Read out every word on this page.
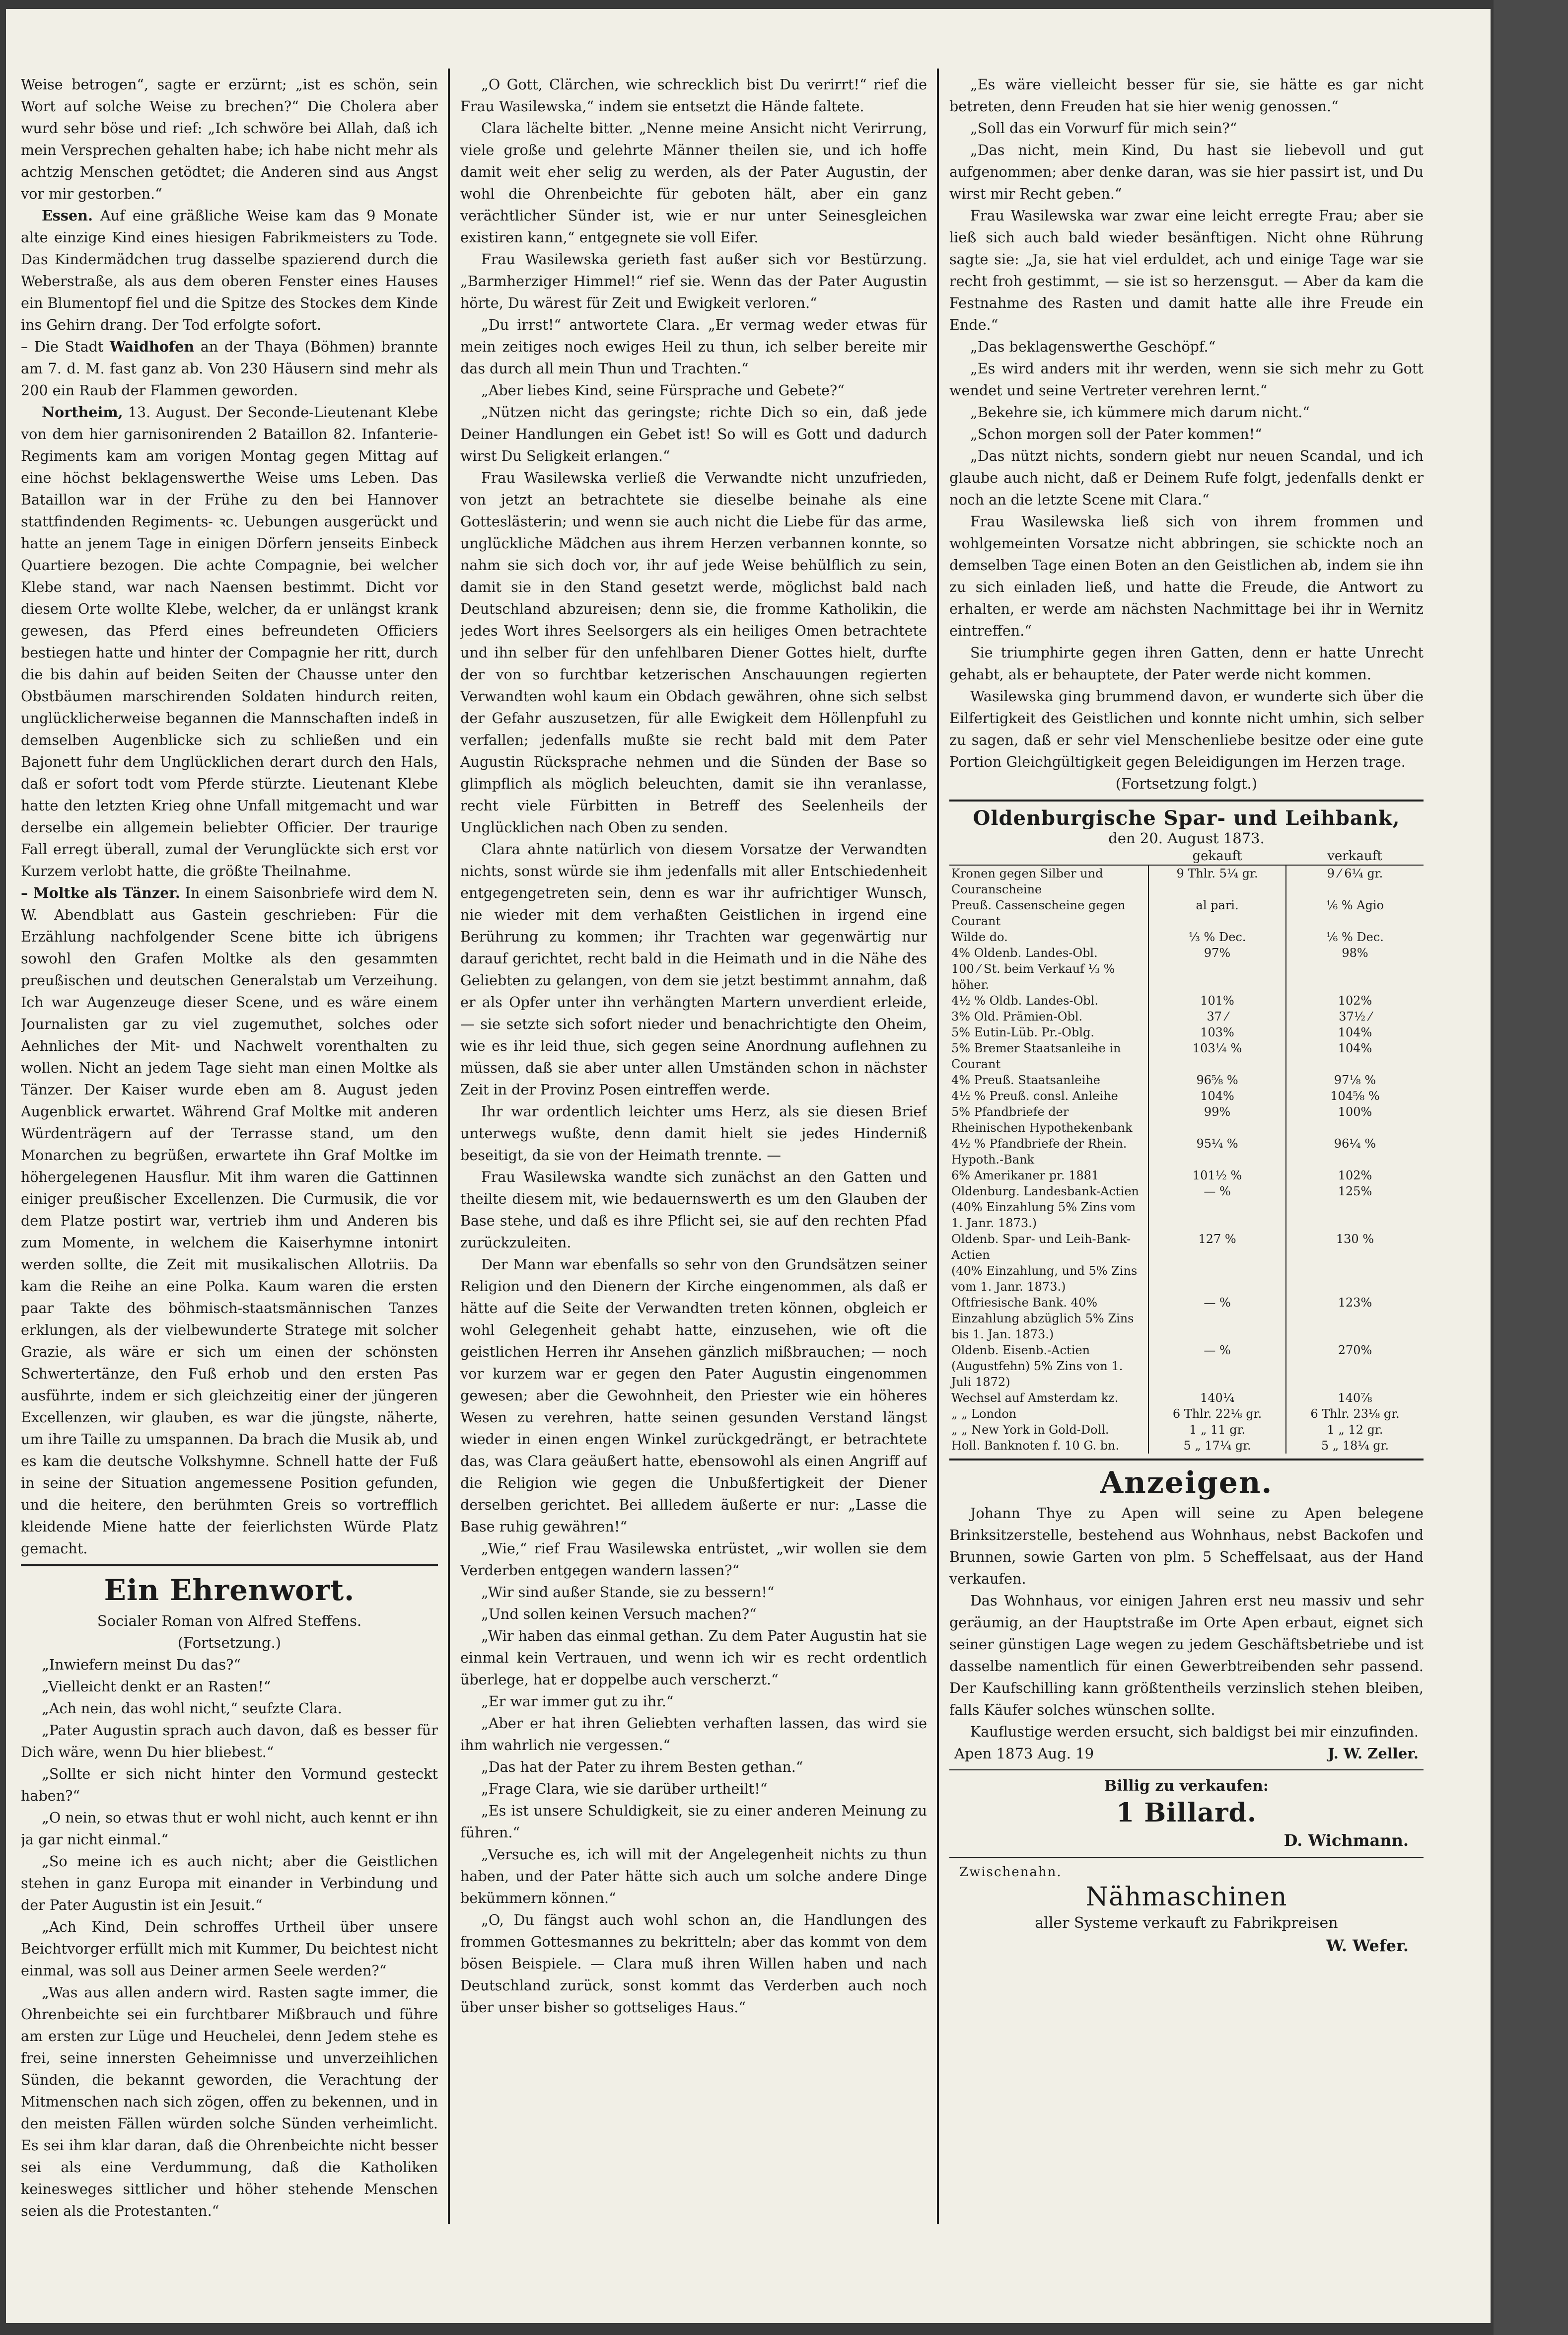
Weise betrogen“, sagte er erzürnt; „ist es schön, sein Wort auf solche Weise zu brechen?“ Die Cholera aber wurd sehr böse und rief: „Ich schwöre bei Allah, daß ich mein Versprechen gehalten habe; ich habe nicht mehr als achtzig Menschen getödtet; die Anderen sind aus Angst vor mir gestorben.“

Essen. Auf eine gräßliche Weise kam das 9 Monate alte einzige Kind eines hiesigen Fabrikmeisters zu Tode. Das Kindermädchen trug dasselbe spazierend durch die Weberstraße, als aus dem oberen Fenster eines Hauses ein Blumentopf fiel und die Spitze des Stockes dem Kinde ins Gehirn drang. Der Tod erfolgte sofort.

– Die Stadt Waidhofen an der Thaya (Böhmen) brannte am 7. d. M. fast ganz ab. Von 230 Häusern sind mehr als 200 ein Raub der Flammen geworden.

Northeim, 13. August. Der Seconde-Lieutenant Klebe von dem hier garnisonirenden 2 Bataillon 82. Infanterie-Regiments kam am vorigen Montag gegen Mittag auf eine höchst beklagenswerthe Weise ums Leben. Das Bataillon war in der Frühe zu den bei Hannover stattfindenden Regiments- ꝛc. Uebungen ausgerückt und hatte an jenem Tage in einigen Dörfern jenseits Einbeck Quartiere bezogen. Die achte Compagnie, bei welcher Klebe stand, war nach Naensen bestimmt. Dicht vor diesem Orte wollte Klebe, welcher, da er unlängst krank gewesen, das Pferd eines befreundeten Officiers bestiegen hatte und hinter der Compagnie her ritt, durch die bis dahin auf beiden Seiten der Chausse unter den Obstbäumen marschirenden Soldaten hindurch reiten, unglücklicherweise begannen die Mannschaften indeß in demselben Augenblicke sich zu schließen und ein Bajonett fuhr dem Unglücklichen derart durch den Hals, daß er sofort todt vom Pferde stürzte. Lieutenant Klebe hatte den letzten Krieg ohne Unfall mitgemacht und war derselbe ein allgemein beliebter Officier. Der traurige Fall erregt überall, zumal der Verunglückte sich erst vor Kurzem verlobt hatte, die größte Theilnahme.

– Moltke als Tänzer. In einem Saisonbriefe wird dem N. W. Abendblatt aus Gastein geschrieben: Für die Erzählung nachfolgender Scene bitte ich übrigens sowohl den Grafen Moltke als den gesammten preußischen und deutschen Generalstab um Verzeihung. Ich war Augenzeuge dieser Scene, und es wäre einem Journalisten gar zu viel zugemuthet, solches oder Aehnliches der Mit- und Nachwelt vorenthalten zu wollen. Nicht an jedem Tage sieht man einen Moltke als Tänzer. Der Kaiser wurde eben am 8. August jeden Augenblick erwartet. Während Graf Moltke mit anderen Würdenträgern auf der Terrasse stand, um den Monarchen zu begrüßen, erwartete ihn Graf Moltke im höhergelegenen Hausflur. Mit ihm waren die Gattinnen einiger preußischer Excellenzen. Die Curmusik, die vor dem Platze postirt war, vertrieb ihm und Anderen bis zum Momente, in welchem die Kaiserhymne intonirt werden sollte, die Zeit mit musikalischen Allotriis. Da kam die Reihe an eine Polka. Kaum waren die ersten paar Takte des böhmisch-staatsmännischen Tanzes erklungen, als der vielbewunderte Stratege mit solcher Grazie, als wäre er sich um einen der schönsten Schwertertänze, den Fuß erhob und den ersten Pas ausführte, indem er sich gleichzeitig einer der jüngeren Excellenzen, wir glauben, es war die jüngste, näherte, um ihre Taille zu umspannen. Da brach die Musik ab, und es kam die deutsche Volkshymne. Schnell hatte der Fuß in seine der Situation angemessene Position gefunden, und die heitere, den berühmten Greis so vortrefflich kleidende Miene hatte der feierlichsten Würde Platz gemacht.

Ein Ehrenwort.

Socialer Roman von Alfred Steffens.

(Fortsetzung.)

„Inwiefern meinst Du das?“

„Vielleicht denkt er an Rasten!“

„Ach nein, das wohl nicht,“ seufzte Clara.

„Pater Augustin sprach auch davon, daß es besser für Dich wäre, wenn Du hier bliebest.“

„Sollte er sich nicht hinter den Vormund gesteckt haben?“

„O nein, so etwas thut er wohl nicht, auch kennt er ihn ja gar nicht einmal.“

„So meine ich es auch nicht; aber die Geistlichen stehen in ganz Europa mit einander in Verbindung und der Pater Augustin ist ein Jesuit.“

„Ach Kind, Dein schroffes Urtheil über unsere Beichtvorger erfüllt mich mit Kummer, Du beichtest nicht einmal, was soll aus Deiner armen Seele werden?“

„Was aus allen andern wird. Rasten sagte immer, die Ohrenbeichte sei ein furchtbarer Mißbrauch und führe am ersten zur Lüge und Heuchelei, denn Jedem stehe es frei, seine innersten Geheimnisse und unverzeihlichen Sünden, die bekannt geworden, die Verachtung der Mitmenschen nach sich zögen, offen zu bekennen, und in den meisten Fällen würden solche Sünden verheimlicht. Es sei ihm klar daran, daß die Ohrenbeichte nicht besser sei als eine Verdummung, daß die Katholiken keinesweges sittlicher und höher stehende Menschen seien als die Protestanten.“

„O Gott, Clärchen, wie schrecklich bist Du verirrt!“ rief die Frau Wasilewska,“ indem sie entsetzt die Hände faltete.

Clara lächelte bitter. „Nenne meine Ansicht nicht Verirrung, viele große und gelehrte Männer theilen sie, und ich hoffe damit weit eher selig zu werden, als der Pater Augustin, der wohl die Ohrenbeichte für geboten hält, aber ein ganz verächtlicher Sünder ist, wie er nur unter Seinesgleichen existiren kann,“ entgegnete sie voll Eifer.

Frau Wasilewska gerieth fast außer sich vor Bestürzung. „Barmherziger Himmel!“ rief sie. Wenn das der Pater Augustin hörte, Du wärest für Zeit und Ewigkeit verloren.“

„Du irrst!“ antwortete Clara. „Er vermag weder etwas für mein zeitiges noch ewiges Heil zu thun, ich selber bereite mir das durch all mein Thun und Trachten.“

„Aber liebes Kind, seine Fürsprache und Gebete?“

„Nützen nicht das geringste; richte Dich so ein, daß jede Deiner Handlungen ein Gebet ist! So will es Gott und dadurch wirst Du Seligkeit erlangen.“

Frau Wasilewska verließ die Verwandte nicht unzufrieden, von jetzt an betrachtete sie dieselbe beinahe als eine Gotteslästerin; und wenn sie auch nicht die Liebe für das arme, unglückliche Mädchen aus ihrem Herzen verbannen konnte, so nahm sie sich doch vor, ihr auf jede Weise behülflich zu sein, damit sie in den Stand gesetzt werde, möglichst bald nach Deutschland abzureisen; denn sie, die fromme Katholikin, die jedes Wort ihres Seelsorgers als ein heiliges Omen betrachtete und ihn selber für den unfehlbaren Diener Gottes hielt, durfte der von so furchtbar ketzerischen Anschauungen regierten Verwandten wohl kaum ein Obdach gewähren, ohne sich selbst der Gefahr auszusetzen, für alle Ewigkeit dem Höllenpfuhl zu verfallen; jedenfalls mußte sie recht bald mit dem Pater Augustin Rücksprache nehmen und die Sünden der Base so glimpflich als möglich beleuchten, damit sie ihn veranlasse, recht viele Fürbitten in Betreff des Seelenheils der Unglücklichen nach Oben zu senden.

Clara ahnte natürlich von diesem Vorsatze der Verwandten nichts, sonst würde sie ihm jedenfalls mit aller Entschiedenheit entgegengetreten sein, denn es war ihr aufrichtiger Wunsch, nie wieder mit dem verhaßten Geistlichen in irgend eine Berührung zu kommen; ihr Trachten war gegenwärtig nur darauf gerichtet, recht bald in die Heimath und in die Nähe des Geliebten zu gelangen, von dem sie jetzt bestimmt annahm, daß er als Opfer unter ihn verhängten Martern unverdient erleide, — sie setzte sich sofort nieder und benachrichtigte den Oheim, wie es ihr leid thue, sich gegen seine Anordnung auflehnen zu müssen, daß sie aber unter allen Umständen schon in nächster Zeit in der Provinz Posen eintreffen werde.

Ihr war ordentlich leichter ums Herz, als sie diesen Brief unterwegs wußte, denn damit hielt sie jedes Hinderniß beseitigt, da sie von der Heimath trennte. —

Frau Wasilewska wandte sich zunächst an den Gatten und theilte diesem mit, wie bedauernswerth es um den Glauben der Base stehe, und daß es ihre Pflicht sei, sie auf den rechten Pfad zurückzuleiten.

Der Mann war ebenfalls so sehr von den Grundsätzen seiner Religion und den Dienern der Kirche eingenommen, als daß er hätte auf die Seite der Verwandten treten können, obgleich er wohl Gelegenheit gehabt hatte, einzusehen, wie oft die geistlichen Herren ihr Ansehen gänzlich mißbrauchen; — noch vor kurzem war er gegen den Pater Augustin eingenommen gewesen; aber die Gewohnheit, den Priester wie ein höheres Wesen zu verehren, hatte seinen gesunden Verstand längst wieder in einen engen Winkel zurückgedrängt, er betrachtete das, was Clara geäußert hatte, ebensowohl als einen Angriff auf die Religion wie gegen die Unbußfertigkeit der Diener derselben gerichtet. Bei allledem äußerte er nur: „Lasse die Base ruhig gewähren!“

„Wie,“ rief Frau Wasilewska entrüstet, „wir wollen sie dem Verderben entgegen wandern lassen?“

„Wir sind außer Stande, sie zu bessern!“

„Und sollen keinen Versuch machen?“

„Wir haben das einmal gethan. Zu dem Pater Augustin hat sie einmal kein Vertrauen, und wenn ich wir es recht ordentlich überlege, hat er doppelbe auch verscherzt.“

„Er war immer gut zu ihr.“

„Aber er hat ihren Geliebten verhaften lassen, das wird sie ihm wahrlich nie vergessen.“

„Das hat der Pater zu ihrem Besten gethan.“

„Frage Clara, wie sie darüber urtheilt!“

„Es ist unsere Schuldigkeit, sie zu einer anderen Meinung zu führen.“

„Versuche es, ich will mit der Angelegenheit nichts zu thun haben, und der Pater hätte sich auch um solche andere Dinge bekümmern können.“

„O, Du fängst auch wohl schon an, die Handlungen des frommen Gottesmannes zu bekritteln; aber das kommt von dem bösen Beispiele. — Clara muß ihren Willen haben und nach Deutschland zurück, sonst kommt das Verderben auch noch über unser bisher so gottseliges Haus.“

„Es wäre vielleicht besser für sie, sie hätte es gar nicht betreten, denn Freuden hat sie hier wenig genossen.“

„Soll das ein Vorwurf für mich sein?“

„Das nicht, mein Kind, Du hast sie liebevoll und gut aufgenommen; aber denke daran, was sie hier passirt ist, und Du wirst mir Recht geben.“

Frau Wasilewska war zwar eine leicht erregte Frau; aber sie ließ sich auch bald wieder besänftigen. Nicht ohne Rührung sagte sie: „Ja, sie hat viel erduldet, ach und einige Tage war sie recht froh gestimmt, — sie ist so herzensgut. — Aber da kam die Festnahme des Rasten und damit hatte alle ihre Freude ein Ende.“

„Das beklagenswerthe Geschöpf.“

„Es wird anders mit ihr werden, wenn sie sich mehr zu Gott wendet und seine Vertreter verehren lernt.“

„Bekehre sie, ich kümmere mich darum nicht.“

„Schon morgen soll der Pater kommen!“

„Das nützt nichts, sondern giebt nur neuen Scandal, und ich glaube auch nicht, daß er Deinem Rufe folgt, jedenfalls denkt er noch an die letzte Scene mit Clara.“

Frau Wasilewska ließ sich von ihrem frommen und wohlgemeinten Vorsatze nicht abbringen, sie schickte noch an demselben Tage einen Boten an den Geistlichen ab, indem sie ihn zu sich einladen ließ, und hatte die Freude, die Antwort zu erhalten, er werde am nächsten Nachmittage bei ihr in Wernitz eintreffen.“

Sie triumphirte gegen ihren Gatten, denn er hatte Unrecht gehabt, als er behauptete, der Pater werde nicht kommen.

Wasilewska ging brummend davon, er wunderte sich über die Eilfertigkeit des Geistlichen und konnte nicht umhin, sich selber zu sagen, daß er sehr viel Menschenliebe besitze oder eine gute Portion Gleichgültigkeit gegen Beleidigungen im Herzen trage.

(Fortsetzung folgt.)

Oldenburgische Spar- und Leihbank,
den 20. August 1873.
	gekauft	verkauft
Kronen gegen Silber und Couranscheine	9 Thlr. 5¼ gr.	9 ⁄ 6¼ gr.
Preuß. Cassenscheine gegen Courant	al pari.	⅙ % Agio
Wilde do.	⅓ % Dec.	⅙ % Dec.
4% Oldenb. Landes-Obl.	97%	98%
100 ⁄ St. beim Verkauf ⅓ % höher.		
4½ % Oldb. Landes-Obl.	101%	102%
3% Old. Prämien-Obl.	37 ⁄	37½ ⁄
5% Eutin-Lüb. Pr.-Oblg.	103%	104%
5% Bremer Staatsanleihe in Courant	103¼ %	104%
4% Preuß. Staatsanleihe	96⅝ %	97⅛ %
4½ % Preuß. consl. Anleihe	104%	104⅝ %
5% Pfandbriefe der Rheinischen Hypothekenbank	99%	100%
4½ % Pfandbriefe der Rhein. Hypoth.-Bank	95¼ %	96¼ %
6% Amerikaner pr. 1881	101½ %	102%
Oldenburg. Landesbank-Actien	— %	125%
(40% Einzahlung 5% Zins vom 1. Janr. 1873.)		
Oldenb. Spar- und Leih-Bank-Actien	127 %	130 %
(40% Einzahlung, und 5% Zins vom 1. Janr. 1873.)		
Oftfriesische Bank. 40% Einzahlung abzüglich 5% Zins bis 1. Jan. 1873.)	— %	123%
Oldenb. Eisenb.-Actien (Augustfehn) 5% Zins von 1. Juli 1872)	— %	270%
Wechsel auf Amsterdam kz.	140¼	140⅞
„ „ London	6 Thlr. 22⅛ gr.	6 Thlr. 23⅛ gr.
„ „ New York in Gold-Doll.	1 „ 11 gr.	1 „ 12 gr.
Holl. Banknoten f. 10 G. bn.	5 „ 17¼ gr.	5 „ 18¼ gr.
Anzeigen.

Johann Thye zu Apen will seine zu Apen belegene Brinksitzerstelle, bestehend aus Wohnhaus, nebst Backofen und Brunnen, sowie Garten von plm. 5 Scheffelsaat, aus der Hand verkaufen.

Das Wohnhaus, vor einigen Jahren erst neu massiv und sehr geräumig, an der Hauptstraße im Orte Apen erbaut, eignet sich seiner günstigen Lage wegen zu jedem Geschäftsbetriebe und ist dasselbe namentlich für einen Gewerbtreibenden sehr passend. Der Kaufschilling kann größtentheils verzinslich stehen bleiben, falls Käufer solches wünschen sollte.

Kauflustige werden ersucht, sich baldigst bei mir einzufinden.

Apen 1873 Aug. 19	J. W. Zeller.

Billig zu verkaufen:

1 Billard.

D. Wichmann.

Zwischenahn.

Nähmaschinen

aller Systeme verkauft zu Fabrikpreisen

W. Wefer.
